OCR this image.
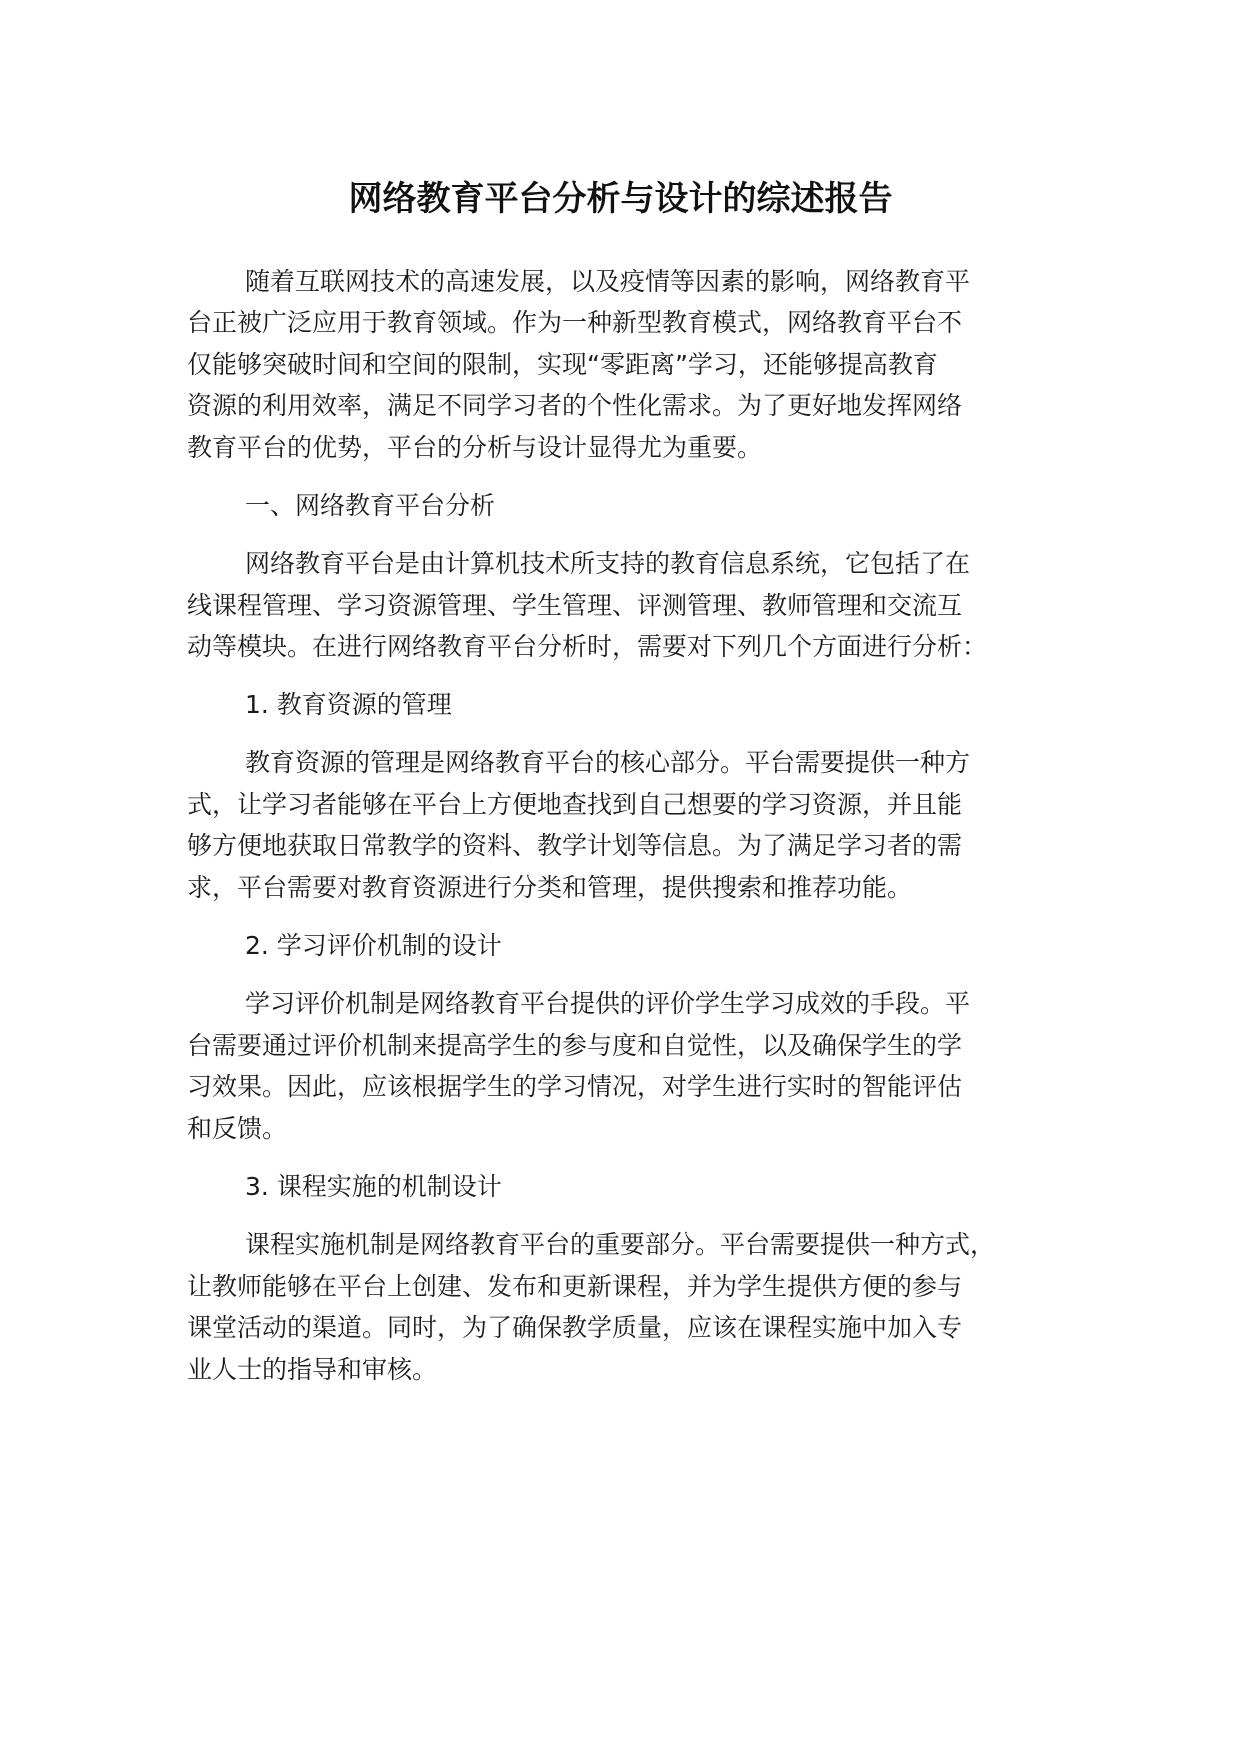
网络教育平台分析与设计的综述报告

随着互联网技术的高速发展，以及疫情等因素的影响，网络教育平

台正被广泛应用于教育领域。作为一种新型教育模式，网络教育平台不

仅能够突破时间和空间的限制，实现“零距离”学习，还能够提高教育

资源的利用效率，满足不同学习者的个性化需求。为了更好地发挥网络

教育平台的优势，平台的分析与设计显得尤为重要。

一、网络教育平台分析

网络教育平台是由计算机技术所支持的教育信息系统，它包括了在

线课程管理、学习资源管理、学生管理、评测管理、教师管理和交流互

动等模块。在进行网络教育平台分析时，需要对下列几个方面进行分析：

1. 教育资源的管理

教育资源的管理是网络教育平台的核心部分。平台需要提供一种方

式，让学习者能够在平台上方便地查找到自己想要的学习资源，并且能

够方便地获取日常教学的资料、教学计划等信息。为了满足学习者的需

求，平台需要对教育资源进行分类和管理，提供搜索和推荐功能。

2. 学习评价机制的设计

学习评价机制是网络教育平台提供的评价学生学习成效的手段。平

台需要通过评价机制来提高学生的参与度和自觉性，以及确保学生的学

习效果。因此，应该根据学生的学习情况，对学生进行实时的智能评估

和反馈。

3. 课程实施的机制设计

课程实施机制是网络教育平台的重要部分。平台需要提供一种方式，

让教师能够在平台上创建、发布和更新课程，并为学生提供方便的参与

课堂活动的渠道。同时，为了确保教学质量，应该在课程实施中加入专

业人士的指导和审核。
